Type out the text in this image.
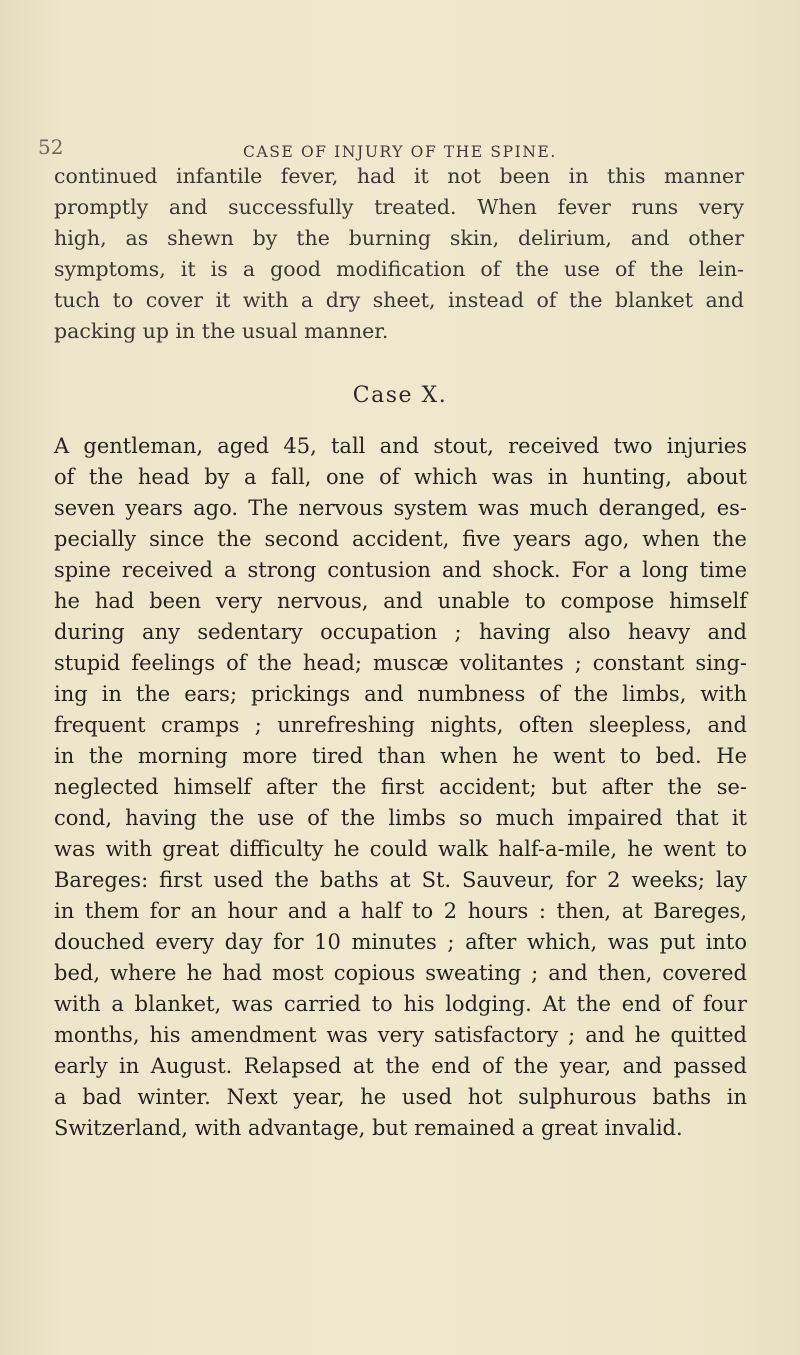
52	CASE OF INJURY OF THE SPINE.
continued infantile fever, had it not been in this manner
promptly and successfully treated. When fever runs very
high, as shewn by the burning skin, delirium, and other
symptoms, it is a good modification of the use of the lein-
tuch to cover it with a dry sheet, instead of the blanket and
packing up in the usual manner.
Case X.
A gentleman, aged 45, tall and stout, received two injuries
of the head by a fall, one of which was in hunting, about
seven years ago. The nervous system was much deranged, es-
pecially since the second accident, five years ago, when the
spine received a strong contusion and shock. For a long time
he had been very nervous, and unable to compose himself
during any sedentary occupation ; having also heavy and
stupid feelings of the head; muscæ volitantes ; constant sing-
ing in the ears; prickings and numbness of the limbs, with
frequent cramps ; unrefreshing nights, often sleepless, and
in the morning more tired than when he went to bed. He
neglected himself after the first accident; but after the se-
cond, having the use of the limbs so much impaired that it
was with great difficulty he could walk half-a-mile, he went to
Bareges: first used the baths at St. Sauveur, for 2 weeks; lay
in them for an hour and a half to 2 hours : then, at Bareges,
douched every day for 10 minutes ; after which, was put into
bed, where he had most copious sweating ; and then, covered
with a blanket, was carried to his lodging. At the end of four
months, his amendment was very satisfactory ; and he quitted
early in August. Relapsed at the end of the year, and passed
a bad winter. Next year, he used hot sulphurous baths in
Switzerland, with advantage, but remained a great invalid.
